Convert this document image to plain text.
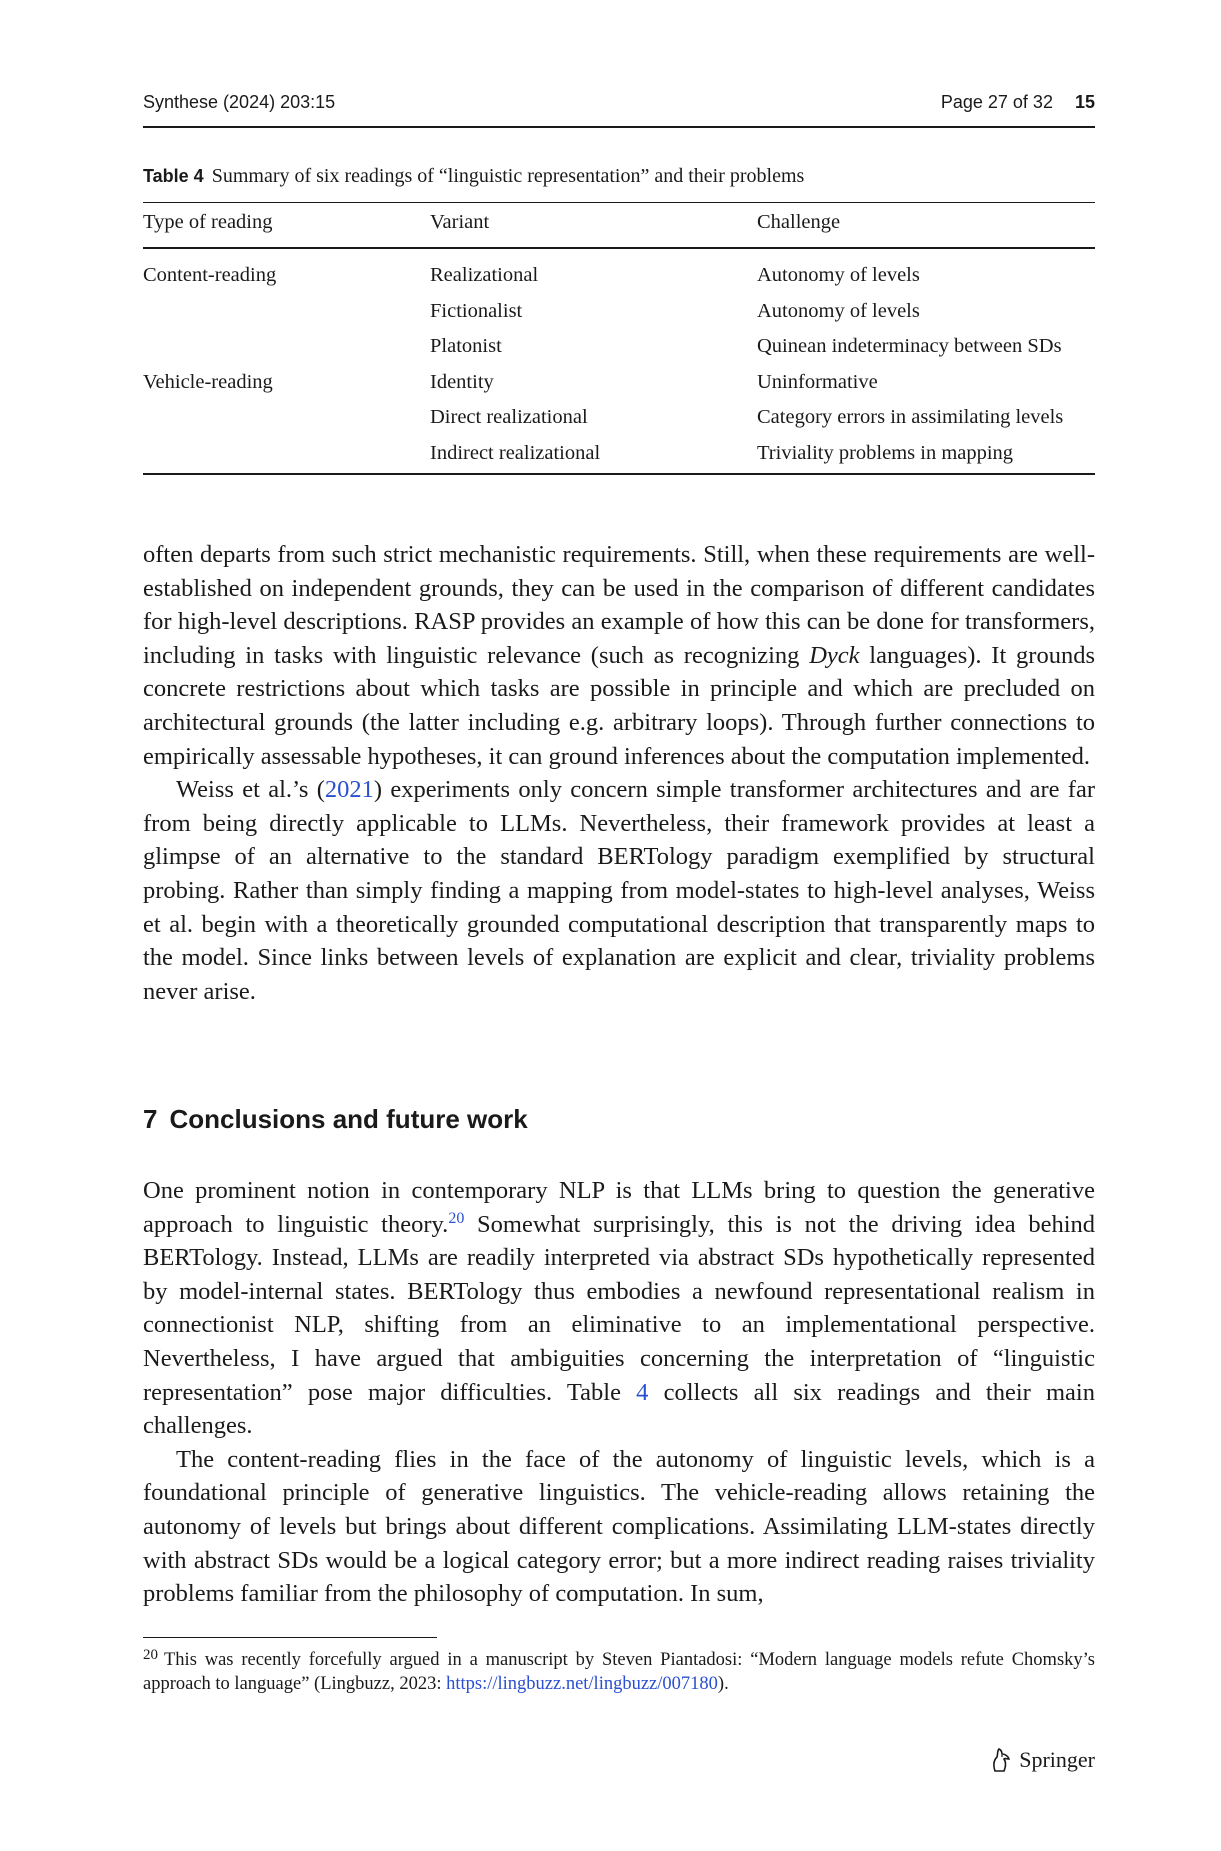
Synthese (2024) 203:15	Page 27 of 32 15
Table 4 Summary of six readings of “linguistic representation” and their problems
Type of reading	Variant	Challenge
Content-reading	Realizational	Autonomy of levels
Fictionalist	Autonomy of levels
Platonist	Quinean indeterminacy between SDs
Vehicle-reading	Identity	Uninformative
Direct realizational	Category errors in assimilating levels
Indirect realizational	Triviality problems in mapping

often departs from such strict mechanistic requirements. Still, when these requirements are well-established on independent grounds, they can be used in the comparison of different candidates for high-level descriptions. RASP provides an example of how this can be done for transformers, including in tasks with linguistic relevance (such as recognizing Dyck languages). It grounds concrete restrictions about which tasks are possible in principle and which are precluded on architectural grounds (the latter including e.g. arbitrary loops). Through further connections to empirically assessable hypotheses, it can ground inferences about the computation implemented.

Weiss et al.’s (2021) experiments only concern simple transformer architectures and are far from being directly applicable to LLMs. Nevertheless, their framework provides at least a glimpse of an alternative to the standard BERTology paradigm exemplified by structural probing. Rather than simply finding a mapping from model-states to high-level analyses, Weiss et al. begin with a theoretically grounded computational description that transparently maps to the model. Since links between levels of explanation are explicit and clear, triviality problems never arise.

7 Conclusions and future work

One prominent notion in contemporary NLP is that LLMs bring to question the generative approach to linguistic theory.$^{20}$ Somewhat surprisingly, this is not the driving idea behind BERTology. Instead, LLMs are readily interpreted via abstract SDs hypothetically represented by model-internal states. BERTology thus embodies a newfound representational realism in connectionist NLP, shifting from an eliminative to an implementational perspective. Nevertheless, I have argued that ambiguities concerning the interpretation of “linguistic representation” pose major difficulties. Table 4 collects all six readings and their main challenges.

The content-reading flies in the face of the autonomy of linguistic levels, which is a foundational principle of generative linguistics. The vehicle-reading allows retaining the autonomy of levels but brings about different complications. Assimilating LLM-states directly with abstract SDs would be a logical category error; but a more indirect reading raises triviality problems familiar from the philosophy of computation. In sum,

$^{20}$ This was recently forcefully argued in a manuscript by Steven Piantadosi: “Modern language models refute Chomsky’s approach to language” (Lingbuzz, 2023: https://lingbuzz.net/lingbuzz/007180).
Springer
